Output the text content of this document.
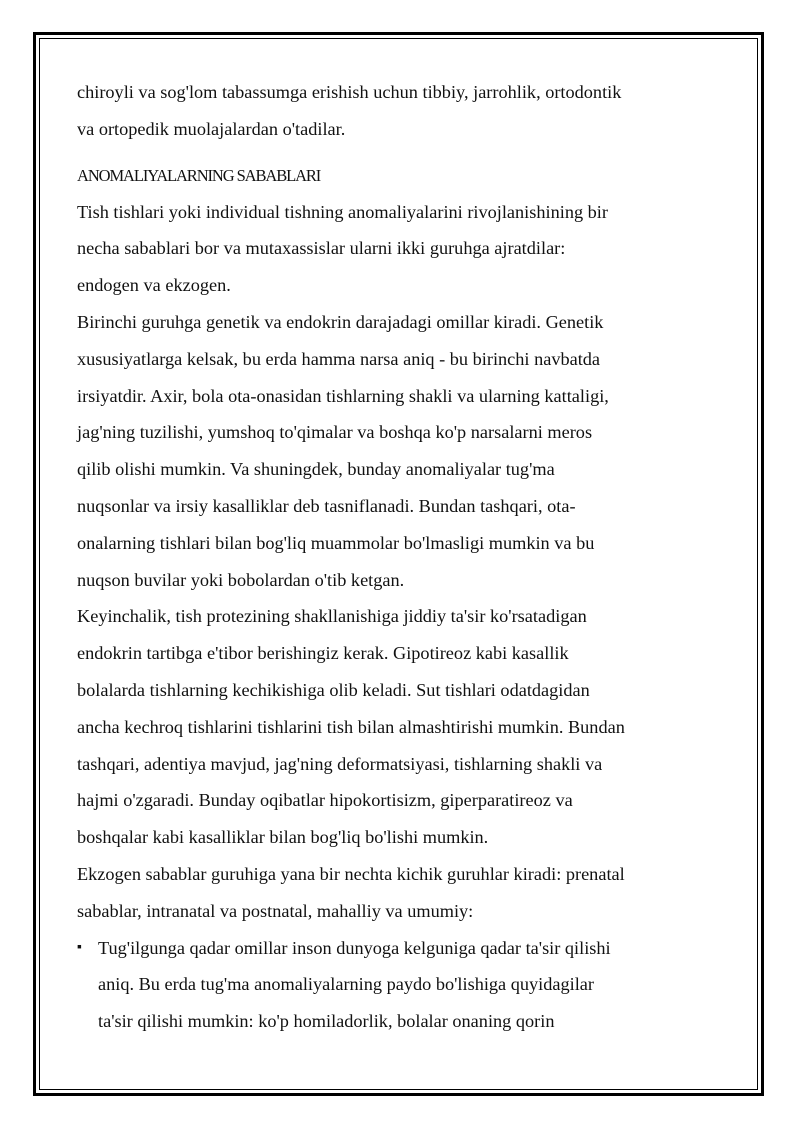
chiroyli va sog'lom tabassumga erishish uchun tibbiy, jarrohlik, ortodontik
va ortopedik muolajalardan o'tadilar.
ANOMALIYALARNING SABABLARI
Tish tishlari yoki individual tishning anomaliyalarini rivojlanishining bir
necha sabablari bor va mutaxassislar ularni ikki guruhga ajratdilar:
endogen va ekzogen.
Birinchi guruhga genetik va endokrin darajadagi omillar kiradi. Genetik
xususiyatlarga kelsak, bu erda hamma narsa aniq - bu birinchi navbatda
irsiyatdir. Axir, bola ota-onasidan tishlarning shakli va ularning kattaligi,
jag'ning tuzilishi, yumshoq to'qimalar va boshqa ko'p narsalarni meros
qilib olishi mumkin. Va shuningdek, bunday anomaliyalar tug'ma
nuqsonlar va irsiy kasalliklar deb tasniflanadi. Bundan tashqari, ota-
onalarning tishlari bilan bog'liq muammolar bo'lmasligi mumkin va bu
nuqson buvilar yoki bobolardan o'tib ketgan.
Keyinchalik, tish protezining shakllanishiga jiddiy ta'sir ko'rsatadigan
endokrin tartibga e'tibor berishingiz kerak. Gipotireoz kabi kasallik
bolalarda tishlarning kechikishiga olib keladi. Sut tishlari odatdagidan
ancha kechroq tishlarini tishlarini tish bilan almashtirishi mumkin. Bundan
tashqari, adentiya mavjud, jag'ning deformatsiyasi, tishlarning shakli va
hajmi o'zgaradi. Bunday oqibatlar hipokortisizm, giperparatireoz va
boshqalar kabi kasalliklar bilan bog'liq bo'lishi mumkin.
Ekzogen sabablar guruhiga yana bir nechta kichik guruhlar kiradi: prenatal
sabablar, intranatal va postnatal, mahalliy va umumiy:
▪ Tug'ilgunga qadar omillar inson dunyoga kelguniga qadar ta'sir qilishi
aniq. Bu erda tug'ma anomaliyalarning paydo bo'lishiga quyidagilar
ta'sir qilishi mumkin: ko'p homiladorlik, bolalar onaning qorin
